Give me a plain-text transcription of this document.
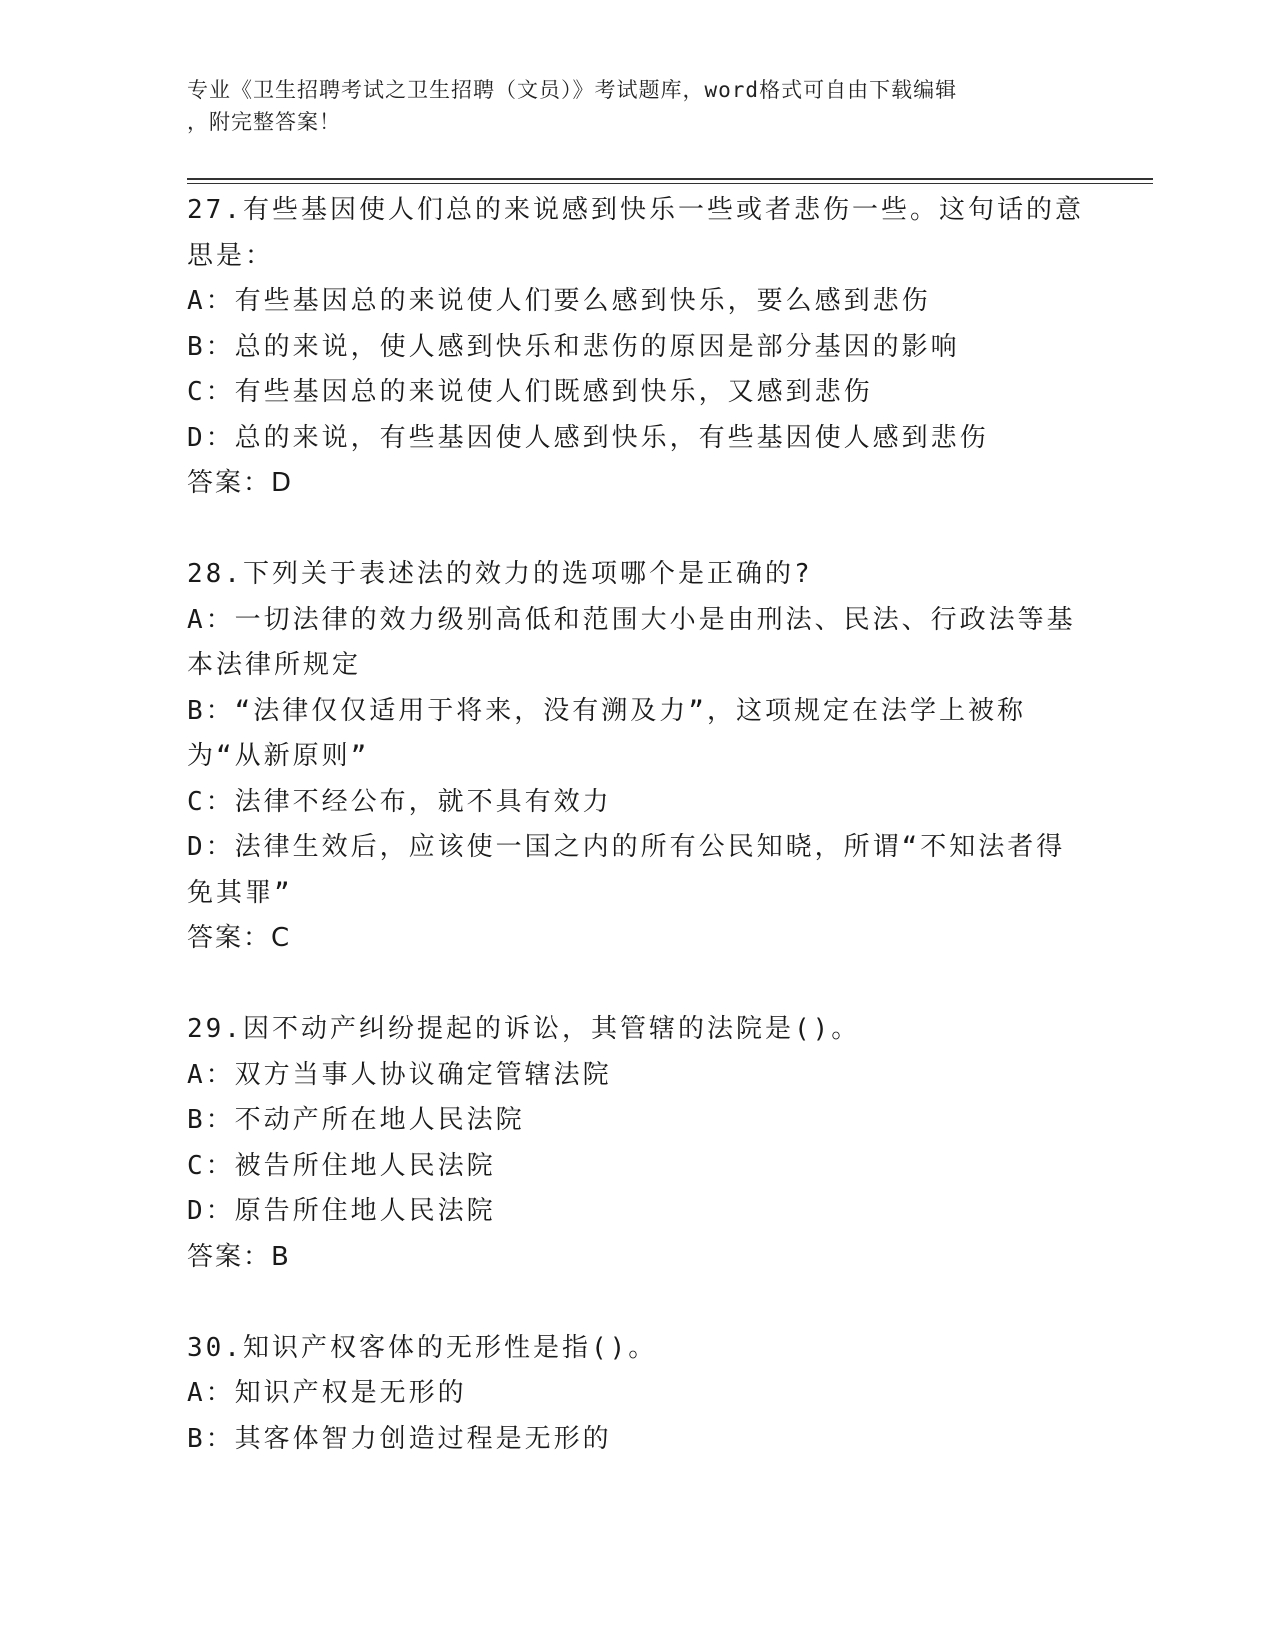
专业《卫生招聘考试之卫生招聘（文员）》考试题库，word格式可自由下载编辑
，附完整答案！
27.有些基因使人们总的来说感到快乐一些或者悲伤一些。这句话的意思是：
A：有些基因总的来说使人们要么感到快乐，要么感到悲伤
B：总的来说，使人感到快乐和悲伤的原因是部分基因的影响
C：有些基因总的来说使人们既感到快乐，又感到悲伤
D：总的来说，有些基因使人感到快乐，有些基因使人感到悲伤
答案：D
28.下列关于表述法的效力的选项哪个是正确的?
A：一切法律的效力级别高低和范围大小是由刑法、民法、行政法等基本法律所规定
B：“法律仅仅适用于将来，没有溯及力”，这项规定在法学上被称为“从新原则”
C：法律不经公布，就不具有效力
D：法律生效后，应该使一国之内的所有公民知晓，所谓“不知法者得免其罪”
答案：C
29.因不动产纠纷提起的诉讼，其管辖的法院是()。
A：双方当事人协议确定管辖法院
B：不动产所在地人民法院
C：被告所住地人民法院
D：原告所住地人民法院
答案：B
30.知识产权客体的无形性是指()。
A：知识产权是无形的
B：其客体智力创造过程是无形的
